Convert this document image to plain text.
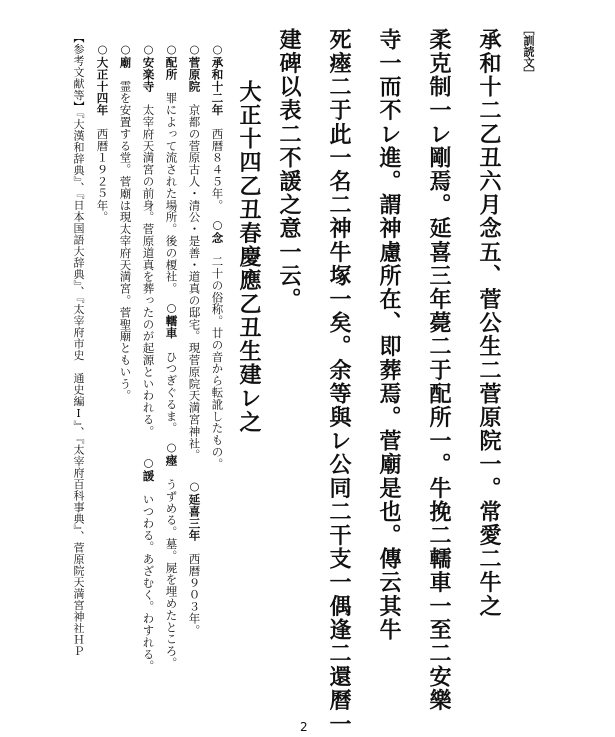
［訓読文］
承和十二乙丑六月念五、菅公生二菅原院一。常愛二牛之
柔克制一レ剛焉。延喜三年薨二于配所一。牛挽二轜車一至二安樂
寺一而不レ進。謂神慮所在、即葬焉。菅廟是也。傳云其牛
死瘞二于此一名二神牛塚一矣。余等與レ公同二干支一偶逢二還曆一
建碑以表二不諼之意一云。
大正十四乙丑春慶應乙丑生建レ之
○承和十二年　西暦８４５年。　○念　二十の俗称。廿の音から転訛したもの。
○菅原院　京都の菅原古人・清公・是善・道真の邸宅。現菅原院天満宮神社。　　○延喜三年　西暦９０３年。
○配所　罪によって流された場所。後の榎社。　○轜車　ひつぎぐるま。　○瘞　うずめる。墓。屍を埋めたところ。
○安楽寺　太宰府天満宮の前身。菅原道真を葬ったのが起源といわれる。　　○諼　いつわる。あざむく。わすれる。
○廟　霊を安置する堂。菅廟は現太宰府天満宮。菅聖廟ともいう。
○大正十四年　西暦１９２５年。
【参考文献等】『大漢和辞典』、『日本国語大辞典』、『太宰府市史　通史編Ⅰ』、『太宰府百科事典』、菅原院天満宮神社ＨＰ
2
